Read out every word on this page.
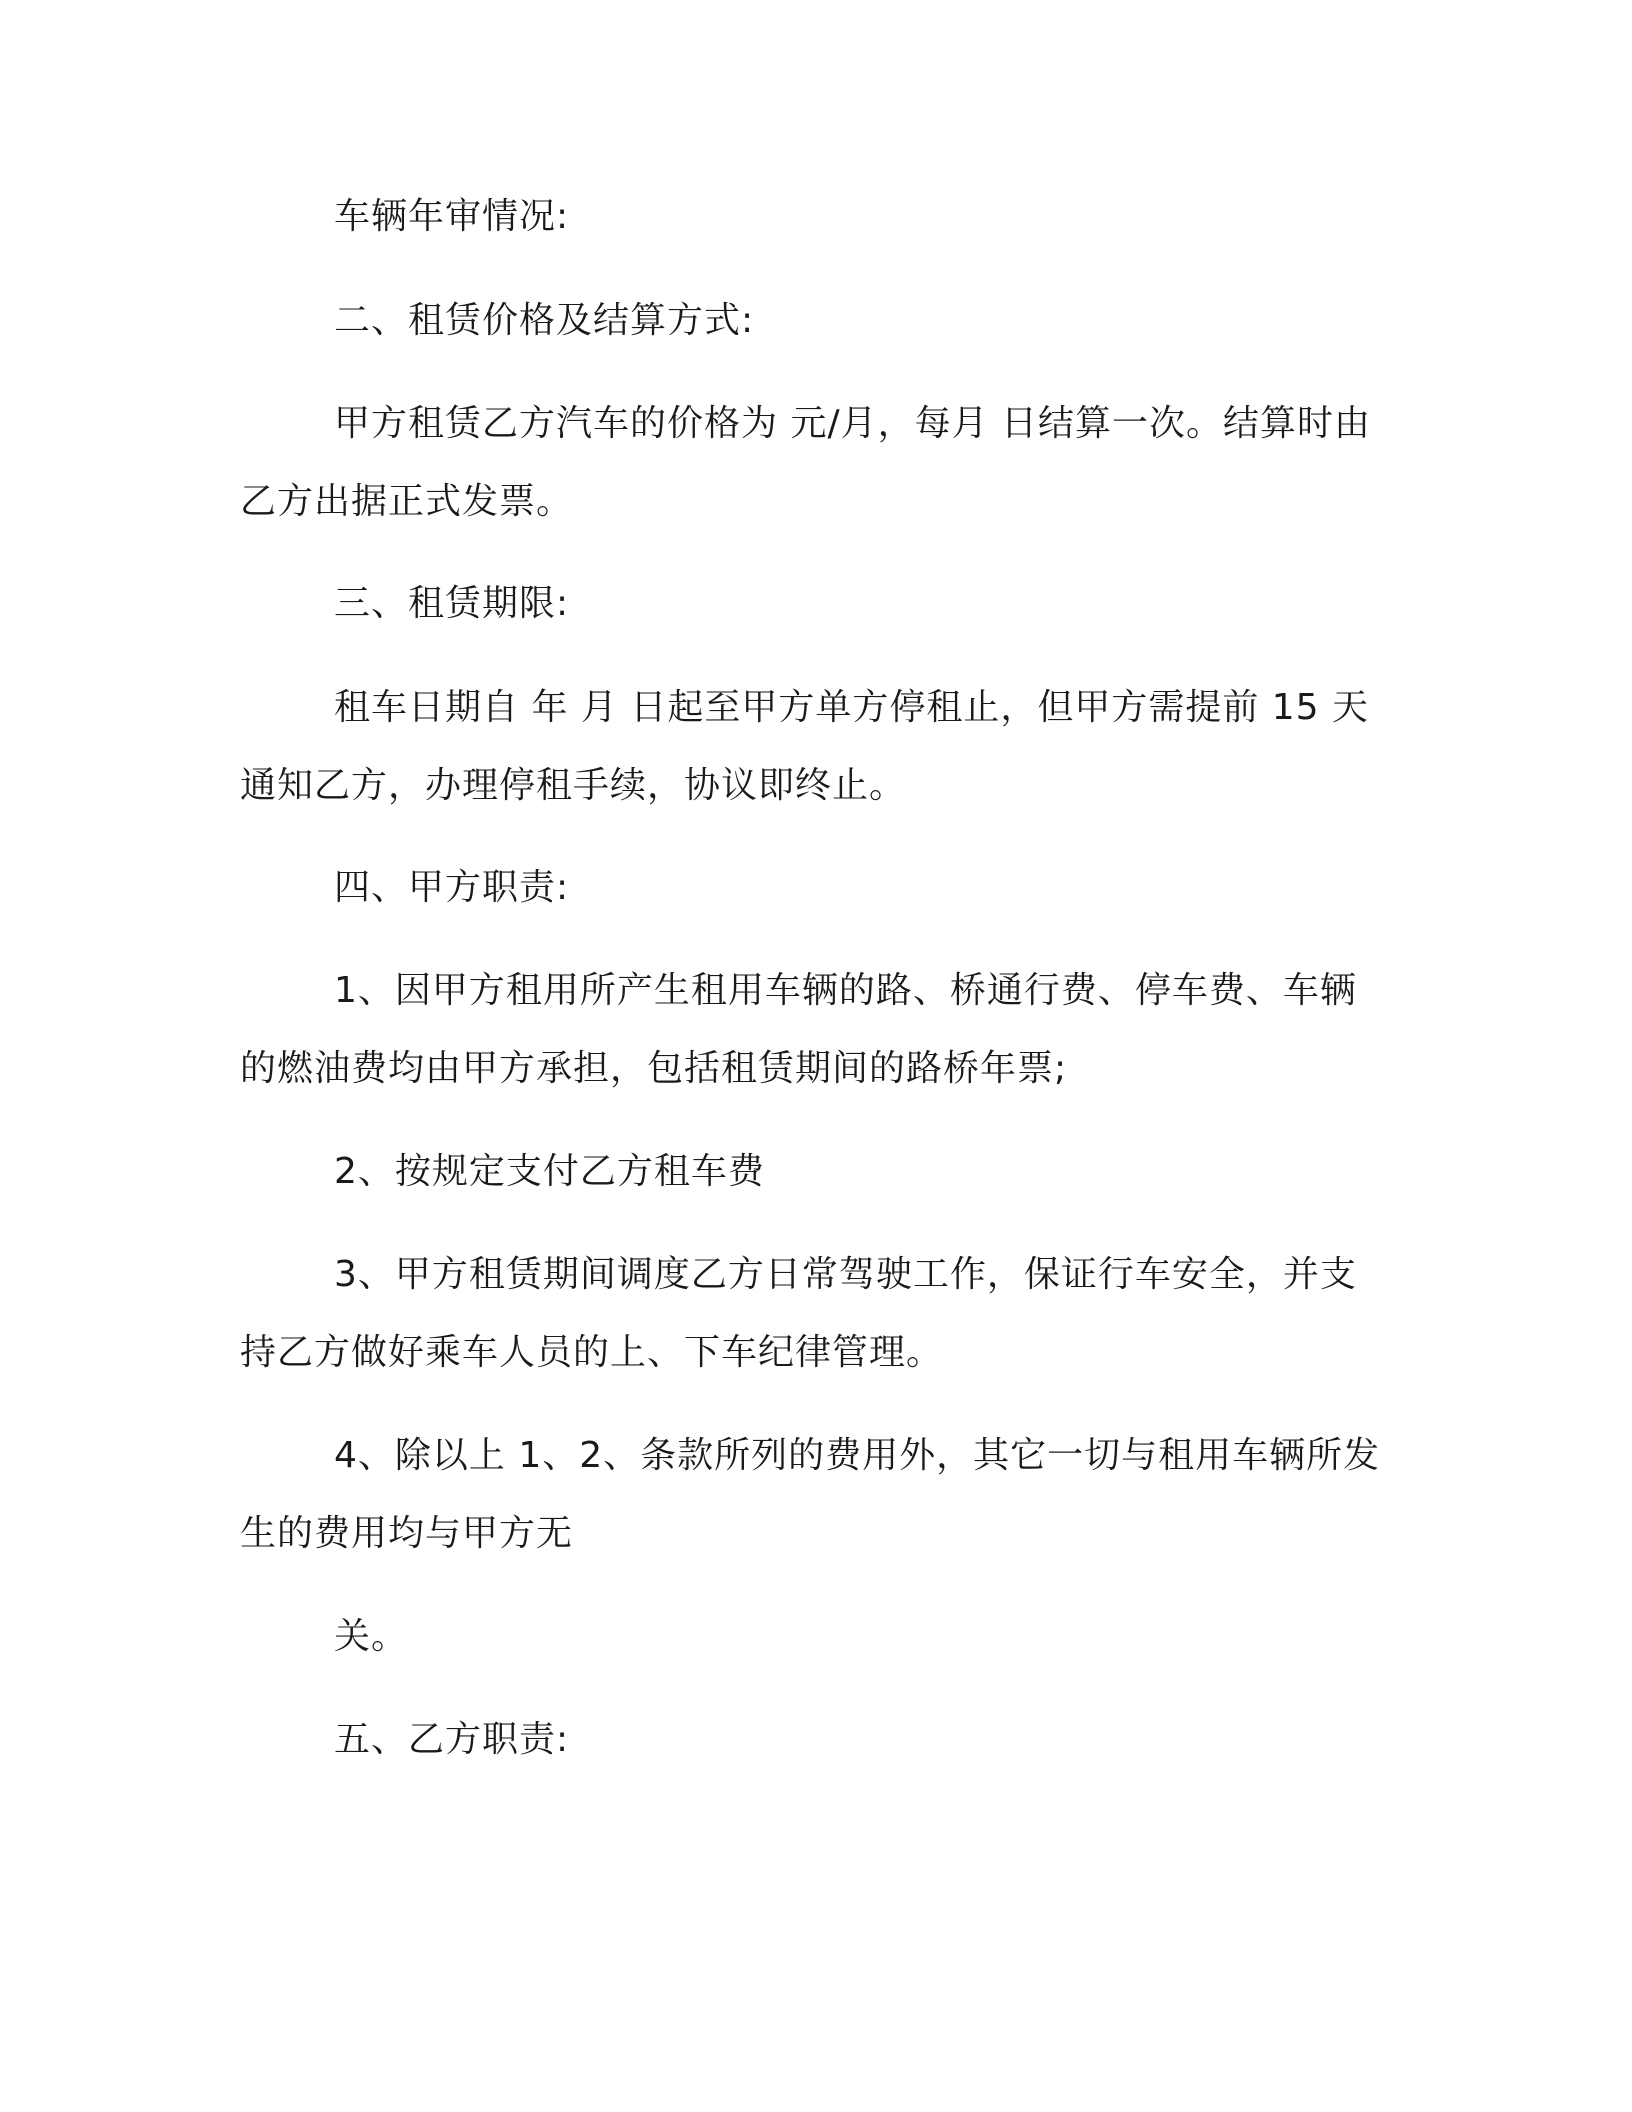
车辆年审情况:
二、租赁价格及结算方式:
甲方租赁乙方汽车的价格为 元/月，每月 日结算一次。结算时由
乙方出据正式发票。
三、租赁期限:
租车日期自 年 月 日起至甲方单方停租止，但甲方需提前 15 天
通知乙方，办理停租手续，协议即终止。
四、甲方职责:
1、因甲方租用所产生租用车辆的路、桥通行费、停车费、车辆
的燃油费均由甲方承担，包括租赁期间的路桥年票;
2、按规定支付乙方租车费
3、甲方租赁期间调度乙方日常驾驶工作，保证行车安全，并支
持乙方做好乘车人员的上、下车纪律管理。
4、除以上 1、2、条款所列的费用外，其它一切与租用车辆所发
生的费用均与甲方无
关。
五、乙方职责:
